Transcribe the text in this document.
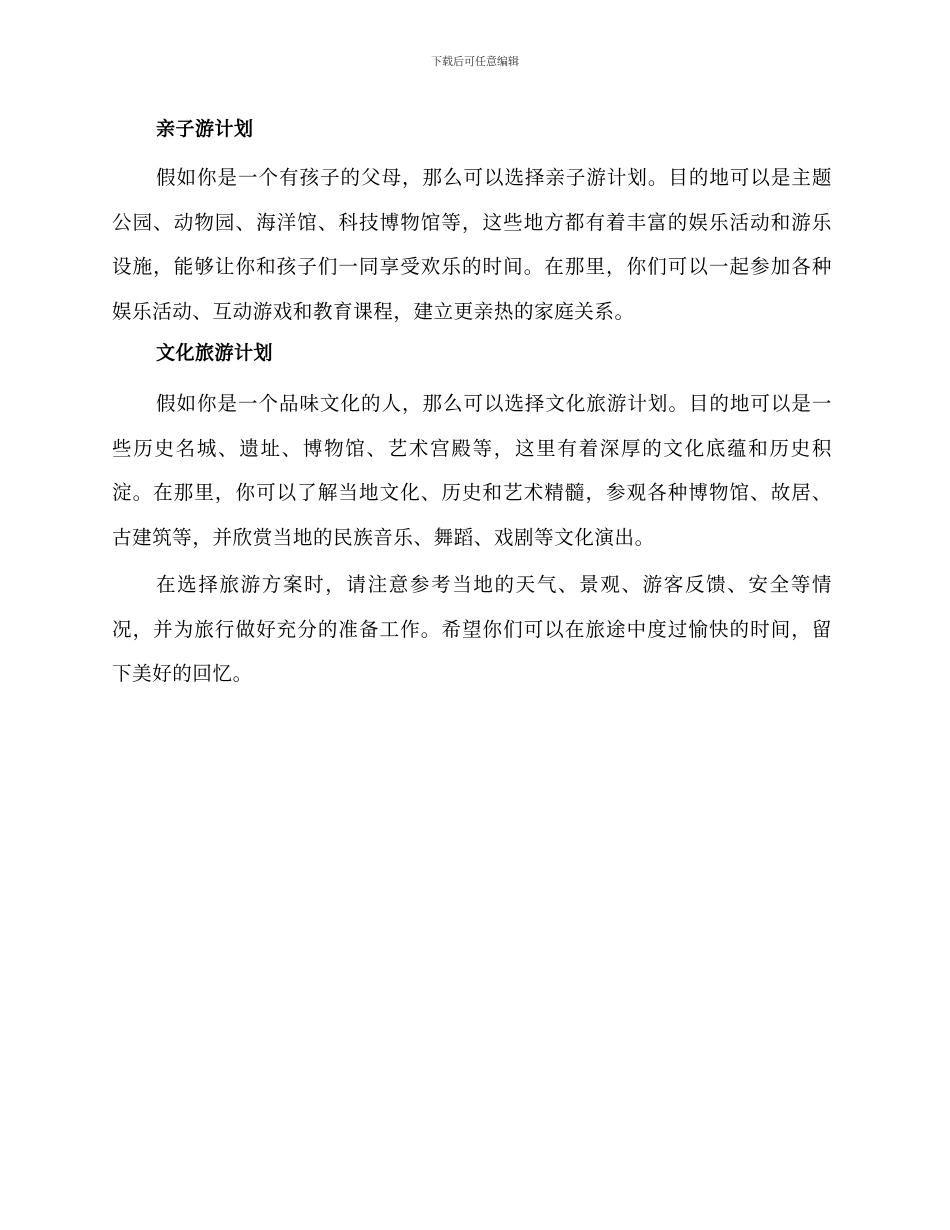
下载后可任意编辑
亲子游计划

假如你是一个有孩子的父母，那么可以选择亲子游计划。目的地可以是主题公园、动物园、海洋馆、科技博物馆等，这些地方都有着丰富的娱乐活动和游乐设施，能够让你和孩子们一同享受欢乐的时间。在那里，你们可以一起参加各种娱乐活动、互动游戏和教育课程，建立更亲热的家庭关系。

文化旅游计划

假如你是一个品味文化的人，那么可以选择文化旅游计划。目的地可以是一些历史名城、遗址、博物馆、艺术宫殿等，这里有着深厚的文化底蕴和历史积淀。在那里，你可以了解当地文化、历史和艺术精髓，参观各种博物馆、故居、古建筑等，并欣赏当地的民族音乐、舞蹈、戏剧等文化演出。

在选择旅游方案时，请注意参考当地的天气、景观、游客反馈、安全等情况，并为旅行做好充分的准备工作。希望你们可以在旅途中度过愉快的时间，留下美好的回忆。
